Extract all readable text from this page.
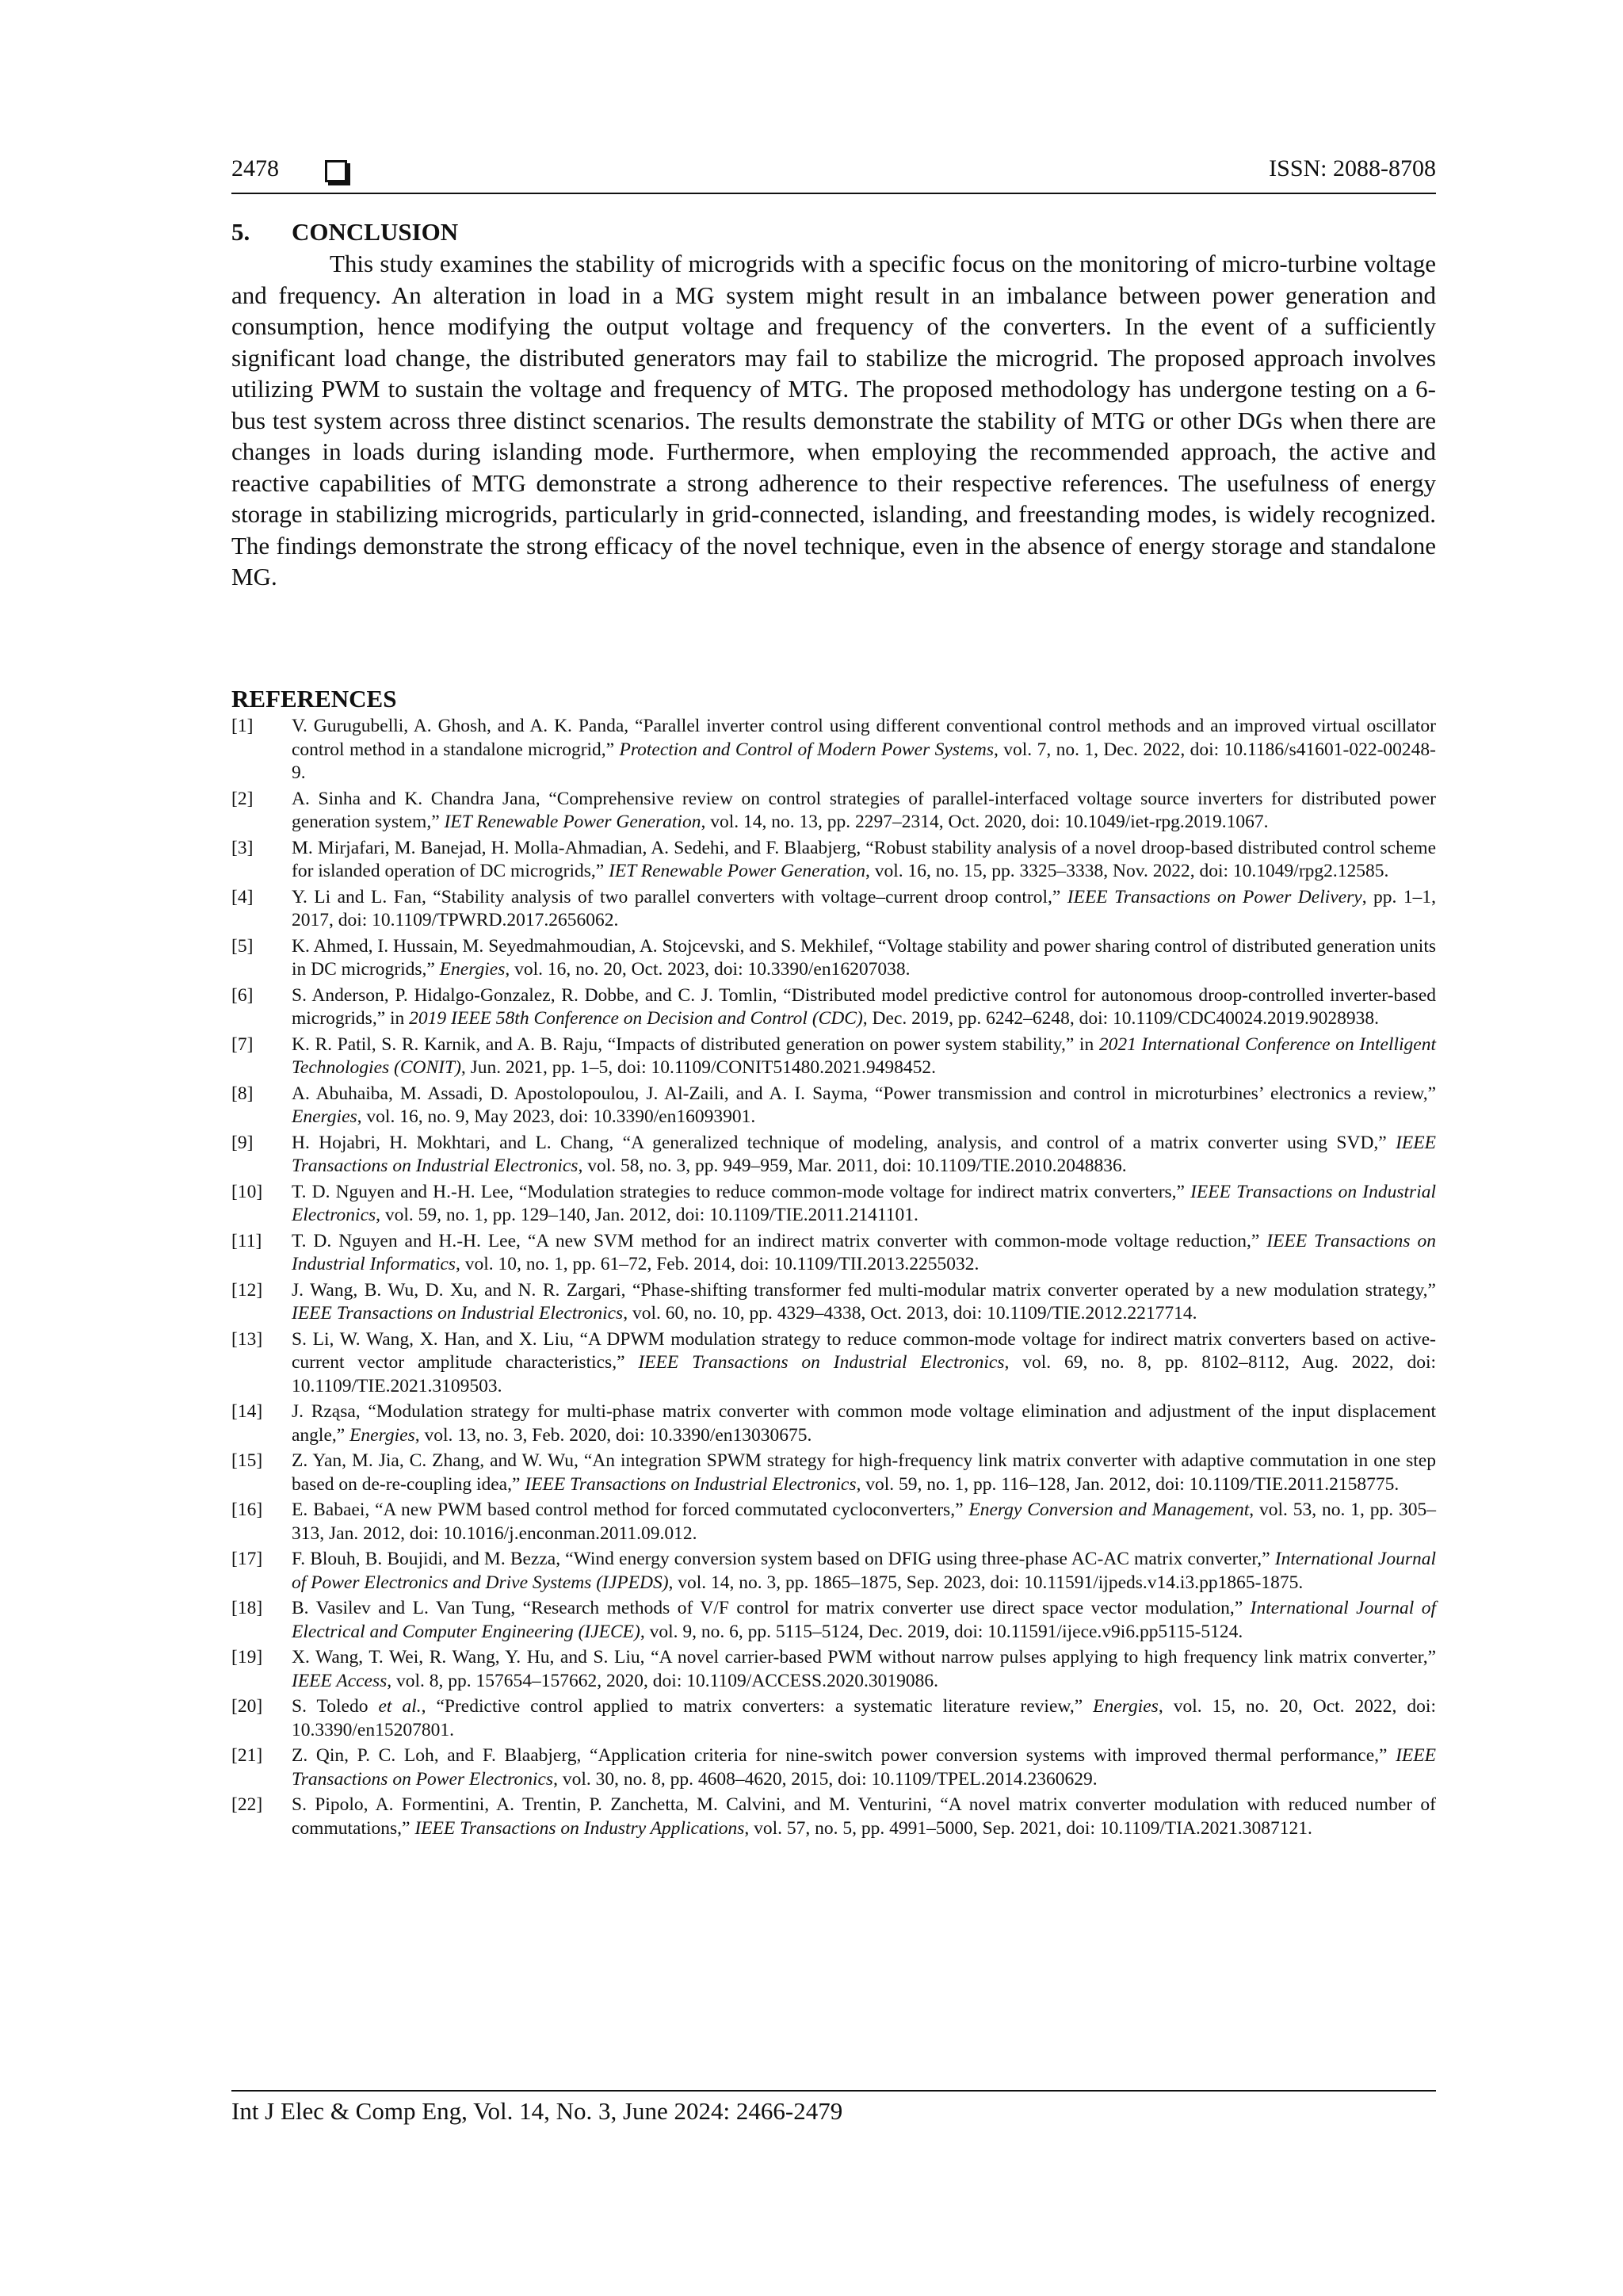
2478	ISSN: 2088-8708
5. CONCLUSION

This study examines the stability of microgrids with a specific focus on the monitoring of micro-turbine voltage and frequency. An alteration in load in a MG system might result in an imbalance between power generation and consumption, hence modifying the output voltage and frequency of the converters. In the event of a sufficiently significant load change, the distributed generators may fail to stabilize the microgrid. The proposed approach involves utilizing PWM to sustain the voltage and frequency of MTG. The proposed methodology has undergone testing on a 6-bus test system across three distinct scenarios. The results demonstrate the stability of MTG or other DGs when there are changes in loads during islanding mode. Furthermore, when employing the recommended approach, the active and reactive capabilities of MTG demonstrate a strong adherence to their respective references. The usefulness of energy storage in stabilizing microgrids, particularly in grid-connected, islanding, and freestanding modes, is widely recognized. The findings demonstrate the strong efficacy of the novel technique, even in the absence of energy storage and standalone MG.

REFERENCES
[1] V. Gurugubelli, A. Ghosh, and A. K. Panda, “Parallel inverter control using different conventional control methods and an improved virtual oscillator control method in a standalone microgrid,” Protection and Control of Modern Power Systems, vol. 7, no. 1, Dec. 2022, doi: 10.1186/s41601-022-00248-9.
[2] A. Sinha and K. Chandra Jana, “Comprehensive review on control strategies of parallel-interfaced voltage source inverters for distributed power generation system,” IET Renewable Power Generation, vol. 14, no. 13, pp. 2297–2314, Oct. 2020, doi: 10.1049/iet-rpg.2019.1067.
[3] M. Mirjafari, M. Banejad, H. Molla-Ahmadian, A. Sedehi, and F. Blaabjerg, “Robust stability analysis of a novel droop-based distributed control scheme for islanded operation of DC microgrids,” IET Renewable Power Generation, vol. 16, no. 15, pp. 3325–3338, Nov. 2022, doi: 10.1049/rpg2.12585.
[4] Y. Li and L. Fan, “Stability analysis of two parallel converters with voltage–current droop control,” IEEE Transactions on Power Delivery, pp. 1–1, 2017, doi: 10.1109/TPWRD.2017.2656062.
[5] K. Ahmed, I. Hussain, M. Seyedmahmoudian, A. Stojcevski, and S. Mekhilef, “Voltage stability and power sharing control of distributed generation units in DC microgrids,” Energies, vol. 16, no. 20, Oct. 2023, doi: 10.3390/en16207038.
[6] S. Anderson, P. Hidalgo-Gonzalez, R. Dobbe, and C. J. Tomlin, “Distributed model predictive control for autonomous droop-controlled inverter-based microgrids,” in 2019 IEEE 58th Conference on Decision and Control (CDC), Dec. 2019, pp. 6242–6248, doi: 10.1109/CDC40024.2019.9028938.
[7] K. R. Patil, S. R. Karnik, and A. B. Raju, “Impacts of distributed generation on power system stability,” in 2021 International Conference on Intelligent Technologies (CONIT), Jun. 2021, pp. 1–5, doi: 10.1109/CONIT51480.2021.9498452.
[8] A. Abuhaiba, M. Assadi, D. Apostolopoulou, J. Al-Zaili, and A. I. Sayma, “Power transmission and control in microturbines’ electronics a review,” Energies, vol. 16, no. 9, May 2023, doi: 10.3390/en16093901.
[9] H. Hojabri, H. Mokhtari, and L. Chang, “A generalized technique of modeling, analysis, and control of a matrix converter using SVD,” IEEE Transactions on Industrial Electronics, vol. 58, no. 3, pp. 949–959, Mar. 2011, doi: 10.1109/TIE.2010.2048836.
[10] T. D. Nguyen and H.-H. Lee, “Modulation strategies to reduce common-mode voltage for indirect matrix converters,” IEEE Transactions on Industrial Electronics, vol. 59, no. 1, pp. 129–140, Jan. 2012, doi: 10.1109/TIE.2011.2141101.
[11] T. D. Nguyen and H.-H. Lee, “A new SVM method for an indirect matrix converter with common-mode voltage reduction,” IEEE Transactions on Industrial Informatics, vol. 10, no. 1, pp. 61–72, Feb. 2014, doi: 10.1109/TII.2013.2255032.
[12] J. Wang, B. Wu, D. Xu, and N. R. Zargari, “Phase-shifting transformer fed multi-modular matrix converter operated by a new modulation strategy,” IEEE Transactions on Industrial Electronics, vol. 60, no. 10, pp. 4329–4338, Oct. 2013, doi: 10.1109/TIE.2012.2217714.
[13] S. Li, W. Wang, X. Han, and X. Liu, “A DPWM modulation strategy to reduce common-mode voltage for indirect matrix converters based on active-current vector amplitude characteristics,” IEEE Transactions on Industrial Electronics, vol. 69, no. 8, pp. 8102–8112, Aug. 2022, doi: 10.1109/TIE.2021.3109503.
[14] J. Rząsa, “Modulation strategy for multi-phase matrix converter with common mode voltage elimination and adjustment of the input displacement angle,” Energies, vol. 13, no. 3, Feb. 2020, doi: 10.3390/en13030675.
[15] Z. Yan, M. Jia, C. Zhang, and W. Wu, “An integration SPWM strategy for high-frequency link matrix converter with adaptive commutation in one step based on de-re-coupling idea,” IEEE Transactions on Industrial Electronics, vol. 59, no. 1, pp. 116–128, Jan. 2012, doi: 10.1109/TIE.2011.2158775.
[16] E. Babaei, “A new PWM based control method for forced commutated cycloconverters,” Energy Conversion and Management, vol. 53, no. 1, pp. 305–313, Jan. 2012, doi: 10.1016/j.enconman.2011.09.012.
[17] F. Blouh, B. Boujidi, and M. Bezza, “Wind energy conversion system based on DFIG using three-phase AC-AC matrix converter,” International Journal of Power Electronics and Drive Systems (IJPEDS), vol. 14, no. 3, pp. 1865–1875, Sep. 2023, doi: 10.11591/ijpeds.v14.i3.pp1865-1875.
[18] B. Vasilev and L. Van Tung, “Research methods of V/F control for matrix converter use direct space vector modulation,” International Journal of Electrical and Computer Engineering (IJECE), vol. 9, no. 6, pp. 5115–5124, Dec. 2019, doi: 10.11591/ijece.v9i6.pp5115-5124.
[19] X. Wang, T. Wei, R. Wang, Y. Hu, and S. Liu, “A novel carrier-based PWM without narrow pulses applying to high frequency link matrix converter,” IEEE Access, vol. 8, pp. 157654–157662, 2020, doi: 10.1109/ACCESS.2020.3019086.
[20] S. Toledo et al., “Predictive control applied to matrix converters: a systematic literature review,” Energies, vol. 15, no. 20, Oct. 2022, doi: 10.3390/en15207801.
[21] Z. Qin, P. C. Loh, and F. Blaabjerg, “Application criteria for nine-switch power conversion systems with improved thermal performance,” IEEE Transactions on Power Electronics, vol. 30, no. 8, pp. 4608–4620, 2015, doi: 10.1109/TPEL.2014.2360629.
[22] S. Pipolo, A. Formentini, A. Trentin, P. Zanchetta, M. Calvini, and M. Venturini, “A novel matrix converter modulation with reduced number of commutations,” IEEE Transactions on Industry Applications, vol. 57, no. 5, pp. 4991–5000, Sep. 2021, doi: 10.1109/TIA.2021.3087121.
Int J Elec & Comp Eng, Vol. 14, No. 3, June 2024: 2466-2479
